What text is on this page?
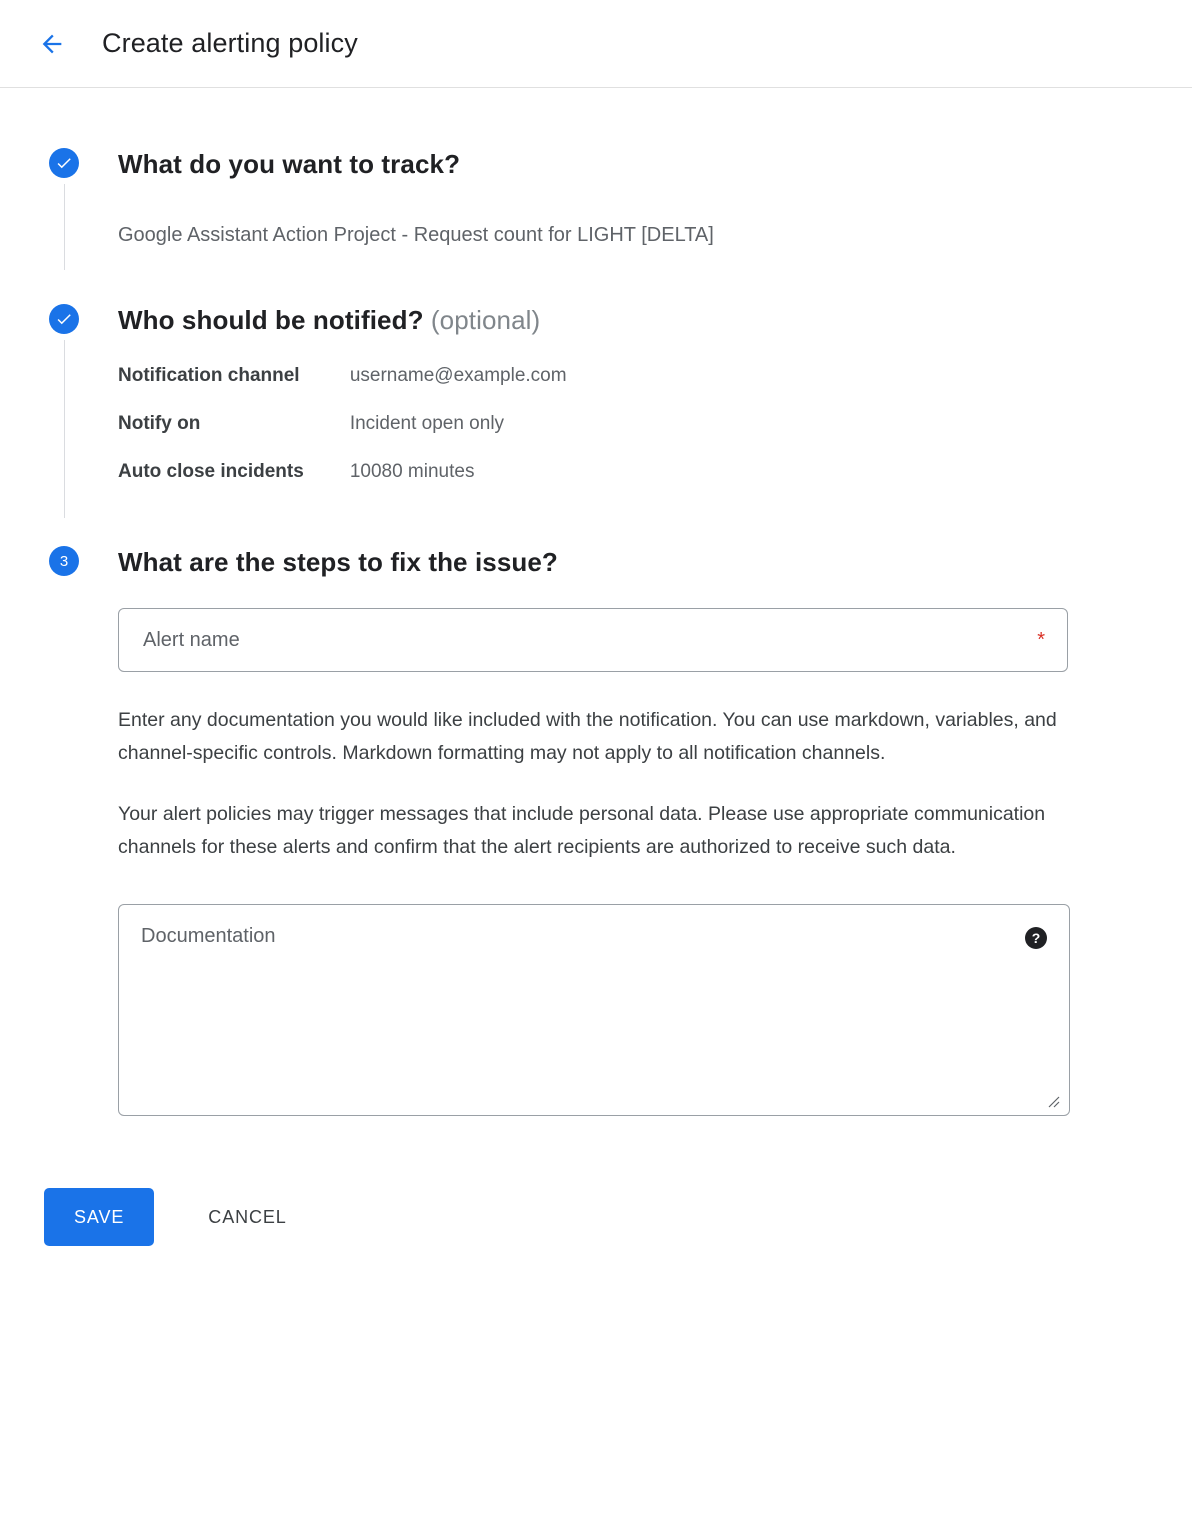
Create alerting policy
What do you want to track?
Google Assistant Action Project - Request count for LIGHT [DELTA]
Who should be notified? (optional)
Notification channel	username@example.com
Notify on	Incident open only
Auto close incidents	10080 minutes
3	What are the steps to fix the issue?
Alert name
*

Enter any documentation you would like included with the notification. You can use markdown, variables, and channel-specific controls. Markdown formatting may not apply to all notification channels.

Your alert policies may trigger messages that include personal data. Please use appropriate communication channels for these alerts and confirm that the alert recipients are authorized to receive such data.

Documentation
?
SAVE	CANCEL
